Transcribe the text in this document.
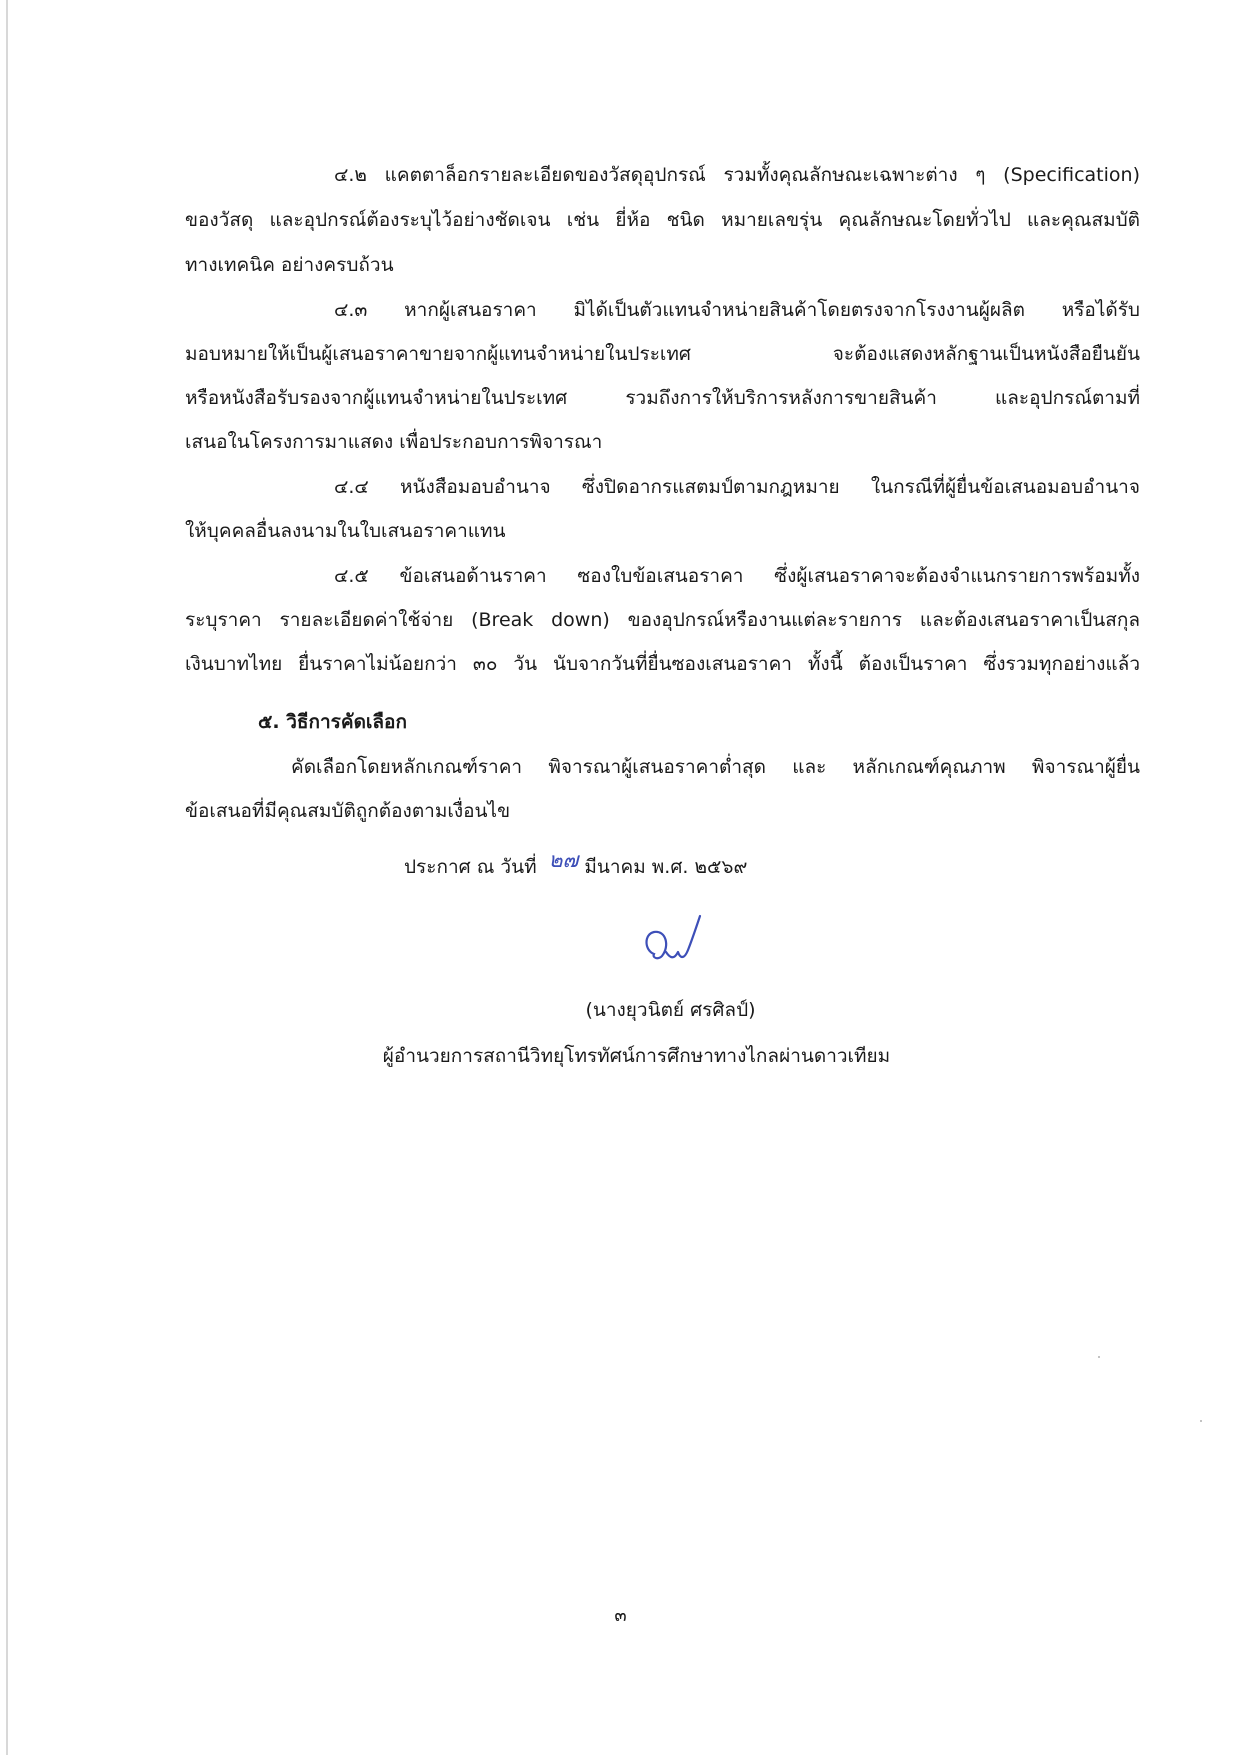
๔.๒ แคตตาล็อกรายละเอียดของวัสดุอุปกรณ์ รวมทั้งคุณลักษณะเฉพาะต่าง ๆ (Specification)
ของวัสดุ และอุปกรณ์ต้องระบุไว้อย่างชัดเจน เช่น ยี่ห้อ ชนิด หมายเลขรุ่น คุณลักษณะโดยทั่วไป และคุณสมบัติ
ทางเทคนิค อย่างครบถ้วน
๔.๓ หากผู้เสนอราคา มิได้เป็นตัวแทนจำหน่ายสินค้าโดยตรงจากโรงงานผู้ผลิต หรือได้รับ
มอบหมายให้เป็นผู้เสนอราคาขายจากผู้แทนจำหน่ายในประเทศ จะต้องแสดงหลักฐานเป็นหนังสือยืนยัน
หรือหนังสือรับรองจากผู้แทนจำหน่ายในประเทศ รวมถึงการให้บริการหลังการขายสินค้า และอุปกรณ์ตามที่
เสนอในโครงการมาแสดง เพื่อประกอบการพิจารณา
๔.๔ หนังสือมอบอำนาจ ซึ่งปิดอากรแสตมป์ตามกฎหมาย ในกรณีที่ผู้ยื่นข้อเสนอมอบอำนาจ
ให้บุคคลอื่นลงนามในใบเสนอราคาแทน
๔.๕ ข้อเสนอด้านราคา ซองใบข้อเสนอราคา ซึ่งผู้เสนอราคาจะต้องจำแนกรายการพร้อมทั้ง
ระบุราคา รายละเอียดค่าใช้จ่าย (Break down) ของอุปกรณ์หรืองานแต่ละรายการ และต้องเสนอราคาเป็นสกุล
เงินบาทไทย ยื่นราคาไม่น้อยกว่า ๓๐ วัน นับจากวันที่ยื่นซองเสนอราคา ทั้งนี้ ต้องเป็นราคา ซึ่งรวมทุกอย่างแล้ว
๕. วิธีการคัดเลือก
คัดเลือกโดยหลักเกณฑ์ราคา พิจารณาผู้เสนอราคาต่ำสุด และ หลักเกณฑ์คุณภาพ พิจารณาผู้ยื่น
ข้อเสนอที่มีคุณสมบัติถูกต้องตามเงื่อนไข
ประกาศ ณ วันที่ ๒๗ มีนาคม พ.ศ. ๒๕๖๙
(นางยุวนิตย์ ศรศิลป์)
ผู้อำนวยการสถานีวิทยุโทรทัศน์การศึกษาทางไกลผ่านดาวเทียม
๓
